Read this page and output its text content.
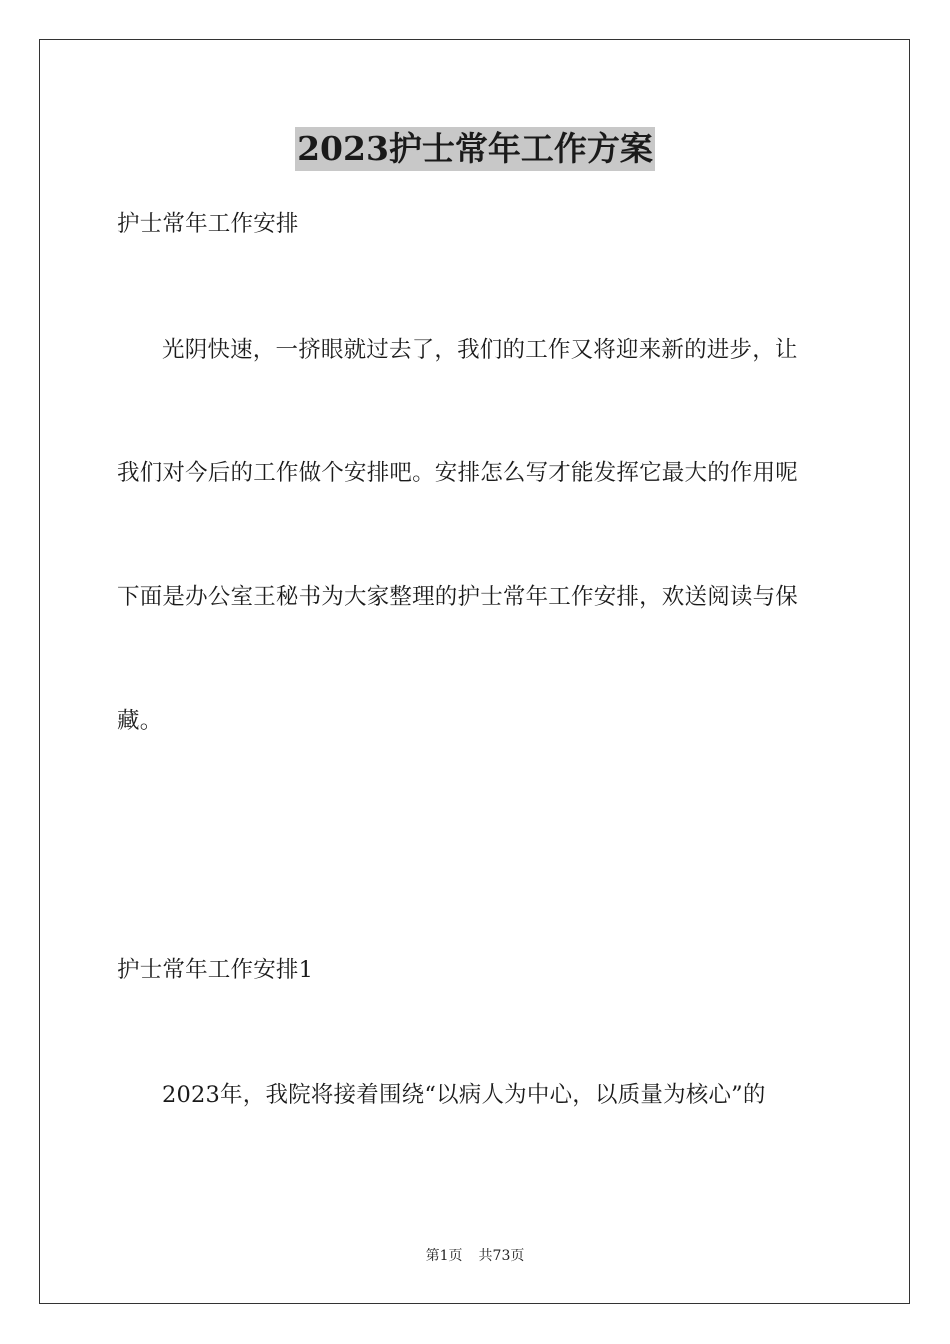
2023护士常年工作方案
护士常年工作安排
光阴快速，一挤眼就过去了，我们的工作又将迎来新的进步，让
我们对今后的工作做个安排吧。安排怎么写才能发挥它最大的作用呢
下面是办公室王秘书为大家整理的护士常年工作安排，欢送阅读与保
藏。
护士常年工作安排1
2023年，我院将接着围绕“以病人为中心，以质量为核心”的
第1页 共73页
